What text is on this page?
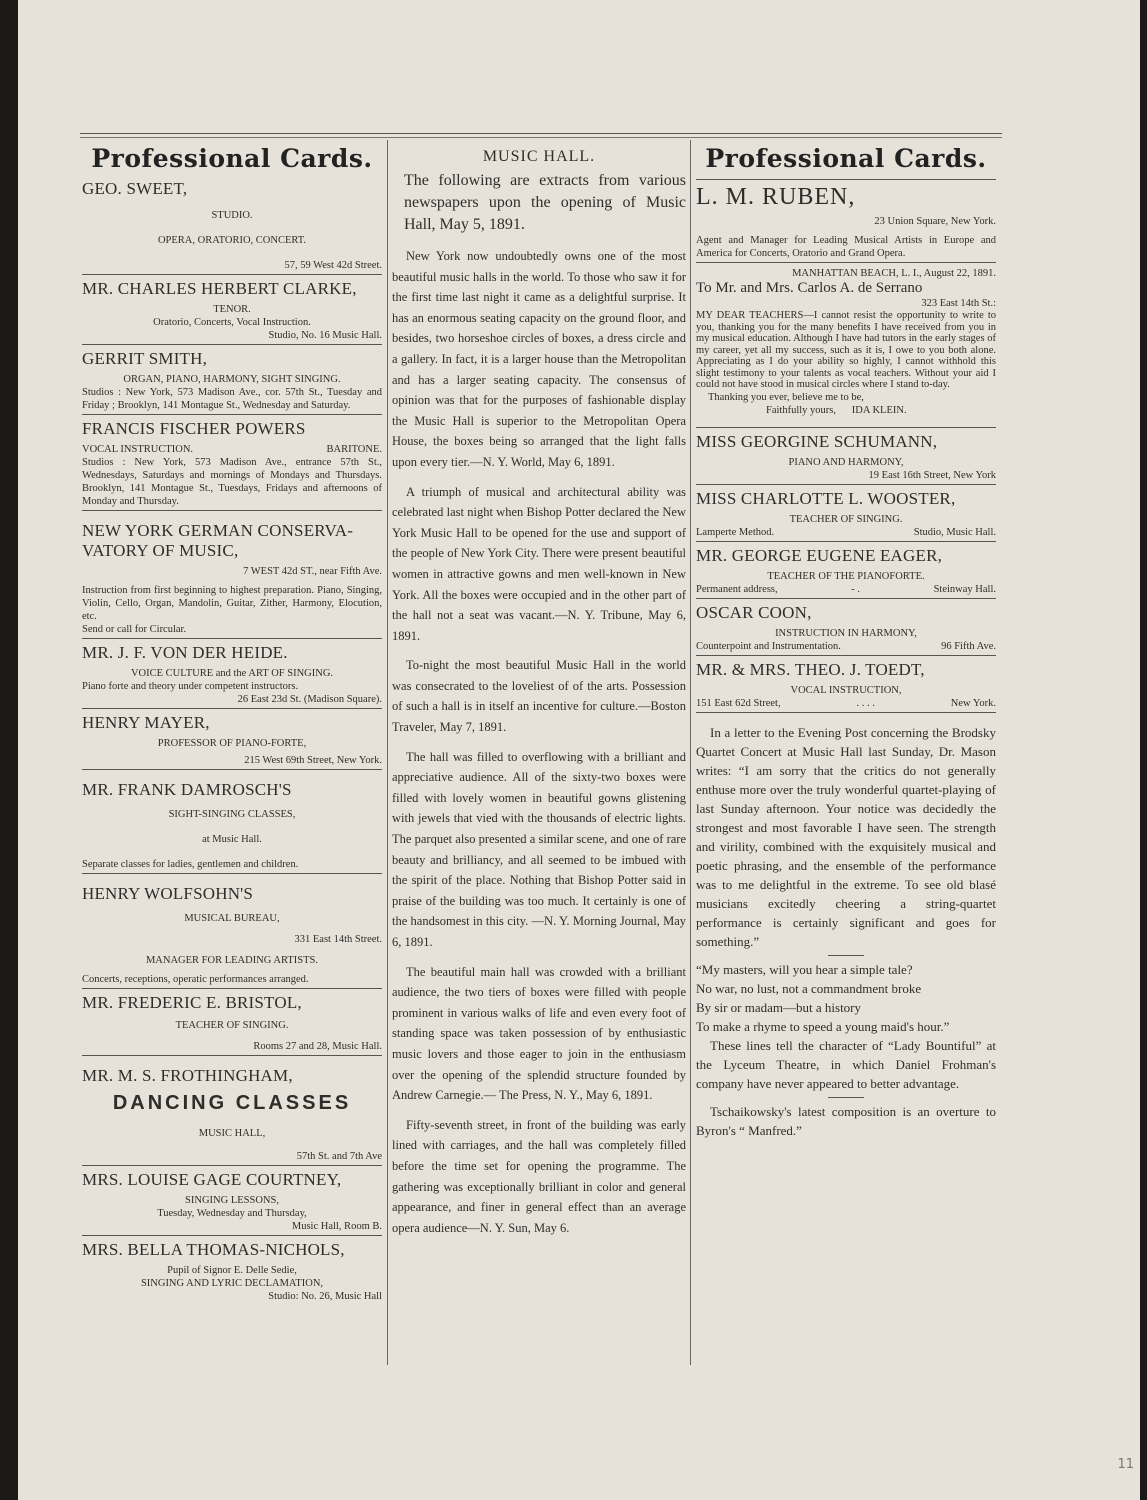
Professional Cards.
GEO. SWEET,
STUDIO.
OPERA, ORATORIO, CONCERT.
57, 59 West 42d Street.
MR. CHARLES HERBERT CLARKE,
TENOR.
Oratorio, Concerts, Vocal Instruction.
Studio, No. 16 Music Hall.
GERRIT SMITH,
ORGAN, PIANO, HARMONY, SIGHT SINGING.
Studios : New York, 573 Madison Ave., cor. 57th St., Tuesday and Friday ; Brooklyn, 141 Montague St., Wednesday and Saturday.
FRANCIS FISCHER POWERS
VOCAL INSTRUCTION.	BARITONE.
Studios : New York, 573 Madison Ave., entrance 57th St., Wednesdays, Saturdays and mornings of Mondays and Thursdays. Brooklyn, 141 Montague St., Tuesdays, Fridays and afternoons of Monday and Thursday.
NEW YORK GERMAN CONSERVA- VATORY OF MUSIC,
7 WEST 42d ST., near Fifth Ave.
Instruction from first beginning to highest preparation. Piano, Singing, Violin, Cello, Organ, Mandolin, Guitar, Zither, Harmony, Elocution, etc.
Send or call for Circular.
MR. J. F. VON DER HEIDE.
VOICE CULTURE and the ART OF SINGING.
Piano forte and theory under competent instructors.
26 East 23d St. (Madison Square).
HENRY MAYER,
PROFESSOR OF PIANO-FORTE,
215 West 69th Street, New York.
MR. FRANK DAMROSCH'S
SIGHT-SINGING CLASSES,
at Music Hall.
Separate classes for ladies, gentlemen and children.
HENRY WOLFSOHN'S
MUSICAL BUREAU,
331 East 14th Street.
MANAGER FOR LEADING ARTISTS.
Concerts, receptions, operatic performances arranged.
MR. FREDERIC E. BRISTOL,
TEACHER OF SINGING.
Rooms 27 and 28, Music Hall.
MR. M. S. FROTHINGHAM,
DANCING CLASSES
MUSIC HALL,
57th St. and 7th Ave
MRS. LOUISE GAGE COURTNEY,
SINGING LESSONS,
Tuesday, Wednesday and Thursday,
Music Hall, Room B.
MRS. BELLA THOMAS-NICHOLS,
Pupil of Signor E. Delle Sedie,
SINGING AND LYRIC DECLAMATION,
Studio: No. 26, Music Hall
MUSIC HALL.
The following are extracts from various newspapers upon the opening of Music Hall, May 5, 1891.

New York now undoubtedly owns one of the most beautiful music halls in the world. To those who saw it for the first time last night it came as a delightful surprise. It has an enormous seating capacity on the ground floor, and besides, two horseshoe circles of boxes, a dress circle and a gallery. In fact, it is a larger house than the Metropolitan and has a larger seating capacity. The consensus of opinion was that for the purposes of fashionable display the Music Hall is superior to the Metropolitan Opera House, the boxes being so arranged that the light falls upon every tier.—N. Y. World, May 6, 1891.

A triumph of musical and architectural ability was celebrated last night when Bishop Potter declared the New York Music Hall to be opened for the use and support of the people of New York City. There were present beautiful women in attractive gowns and men well-known in New York. All the boxes were occupied and in the other part of the hall not a seat was vacant.—N. Y. Tribune, May 6, 1891.

To-night the most beautiful Music Hall in the world was consecrated to the loveliest of of the arts. Possession of such a hall is in itself an incentive for culture.—Boston Traveler, May 7, 1891.

The hall was filled to overflowing with a brilliant and appreciative audience. All of the sixty-two boxes were filled with lovely women in beautiful gowns glistening with jewels that vied with the thousands of electric lights. The parquet also presented a similar scene, and one of rare beauty and brilliancy, and all seemed to be imbued with the spirit of the place. Nothing that Bishop Potter said in praise of the building was too much. It certainly is one of the handsomest in this city. —N. Y. Morning Journal, May 6, 1891.

The beautiful main hall was crowded with a brilliant audience, the two tiers of boxes were filled with people prominent in various walks of life and even every foot of standing space was taken possession of by enthusiastic music lovers and those eager to join in the enthusiasm over the opening of the splendid structure founded by Andrew Carnegie.— The Press, N. Y., May 6, 1891.

Fifty-seventh street, in front of the building was early lined with carriages, and the hall was completely filled before the time set for opening the programme. The gathering was exceptionally brilliant in color and general appearance, and finer in general effect than an average opera audience—N. Y. Sun, May 6.

Professional Cards.
L. M. RUBEN,
23 Union Square, New York.
Agent and Manager for Leading Musical Artists in Europe and America for Concerts, Oratorio and Grand Opera.
MANHATTAN BEACH, L. I., August 22, 1891.
To Mr. and Mrs. Carlos A. de Serrano
323 East 14th St.:
MY DEAR TEACHERS—I cannot resist the opportunity to write to you, thanking you for the many benefits I have received from you in my musical education. Although I have had tutors in the early stages of my career, yet all my success, such as it is, I owe to you both alone. Appreciating as I do your ability so highly, I cannot withhold this slight testimony to your talents as vocal teachers. Without your aid I could not have stood in musical circles where I stand to-day.
Thanking you ever, believe me to be,
Faithfully yours, IDA KLEIN.
MISS GEORGINE SCHUMANN,
PIANO AND HARMONY,
19 East 16th Street, New York
MISS CHARLOTTE L. WOOSTER,
TEACHER OF SINGING.
Lamperte Method.	Studio, Music Hall.
MR. GEORGE EUGENE EAGER,
TEACHER OF THE PIANOFORTE.
Permanent address,	- .	Steinway Hall.
OSCAR COON,
INSTRUCTION IN HARMONY,
Counterpoint and Instrumentation.	96 Fifth Ave.
MR. & MRS. THEO. J. TOEDT,
VOCAL INSTRUCTION,
151 East 62d Street,	. . . .	New York.
In a letter to the Evening Post concerning the Brodsky Quartet Concert at Music Hall last Sunday, Dr. Mason writes: “I am sorry that the critics do not generally enthuse more over the truly wonderful quartet-playing of last Sunday afternoon. Your notice was decidedly the strongest and most favorable I have seen. The strength and virility, combined with the exquisitely musical and poetic phrasing, and the ensemble of the performance was to me delightful in the extreme. To see old blasé musicians excitedly cheering a string-quartet performance is certainly significant and goes for something.”
“My masters, will you hear a simple tale?
No war, no lust, not a commandment broke
By sir or madam—but a history
To make a rhyme to speed a young maid's hour.”
These lines tell the character of “Lady Bountiful” at the Lyceum Theatre, in which Daniel Frohman's company have never appeared to better advantage.
Tschaikowsky's latest composition is an overture to Byron's “ Manfred.”
11
